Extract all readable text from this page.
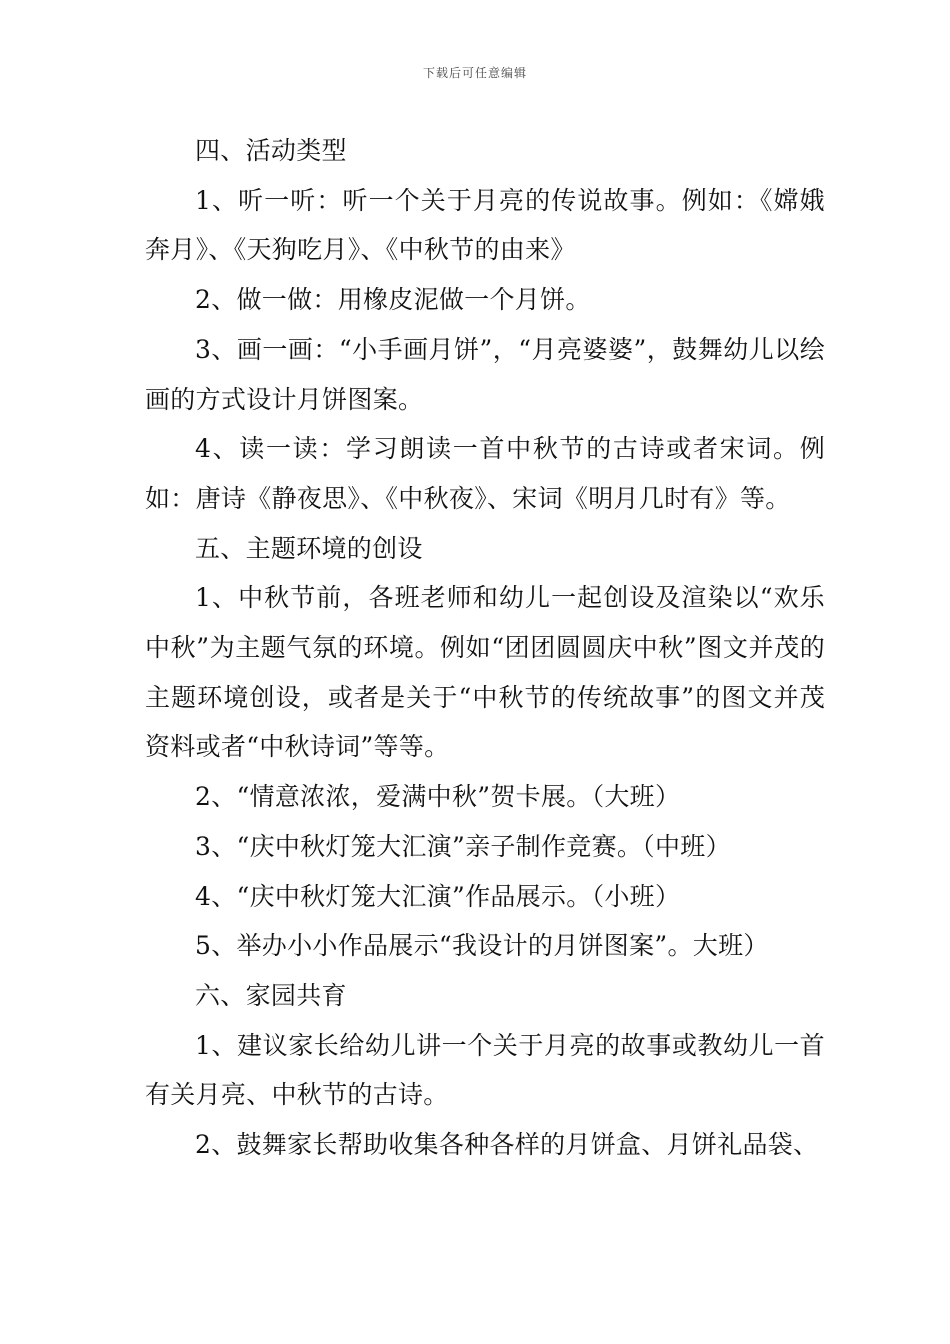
下载后可任意编辑

四、活动类型

1、听一听：听一个关于月亮的传说故事。例如：《嫦娥奔月》、《天狗吃月》、《中秋节的由来》

2、做一做：用橡皮泥做一个月饼。

3、画一画：“小手画月饼”，“月亮婆婆”，鼓舞幼儿以绘画的方式设计月饼图案。

4、读一读：学习朗读一首中秋节的古诗或者宋词。例如：唐诗《静夜思》、《中秋夜》、宋词《明月几时有》等。

五、主题环境的创设

1、中秋节前，各班老师和幼儿一起创设及渲染以“欢乐中秋”为主题气氛的环境。例如“团团圆圆庆中秋”图文并茂的主题环境创设，或者是关于“中秋节的传统故事”的图文并茂资料或者“中秋诗词”等等。

2、“情意浓浓，爱满中秋”贺卡展。（大班）

3、“庆中秋灯笼大汇演”亲子制作竞赛。（中班）

4、“庆中秋灯笼大汇演”作品展示。（小班）

5、举办小小作品展示“我设计的月饼图案”。大班）

六、家园共育

1、建议家长给幼儿讲一个关于月亮的故事或教幼儿一首有关月亮、中秋节的古诗。

2、鼓舞家长帮助收集各种各样的月饼盒、月饼礼品袋、
